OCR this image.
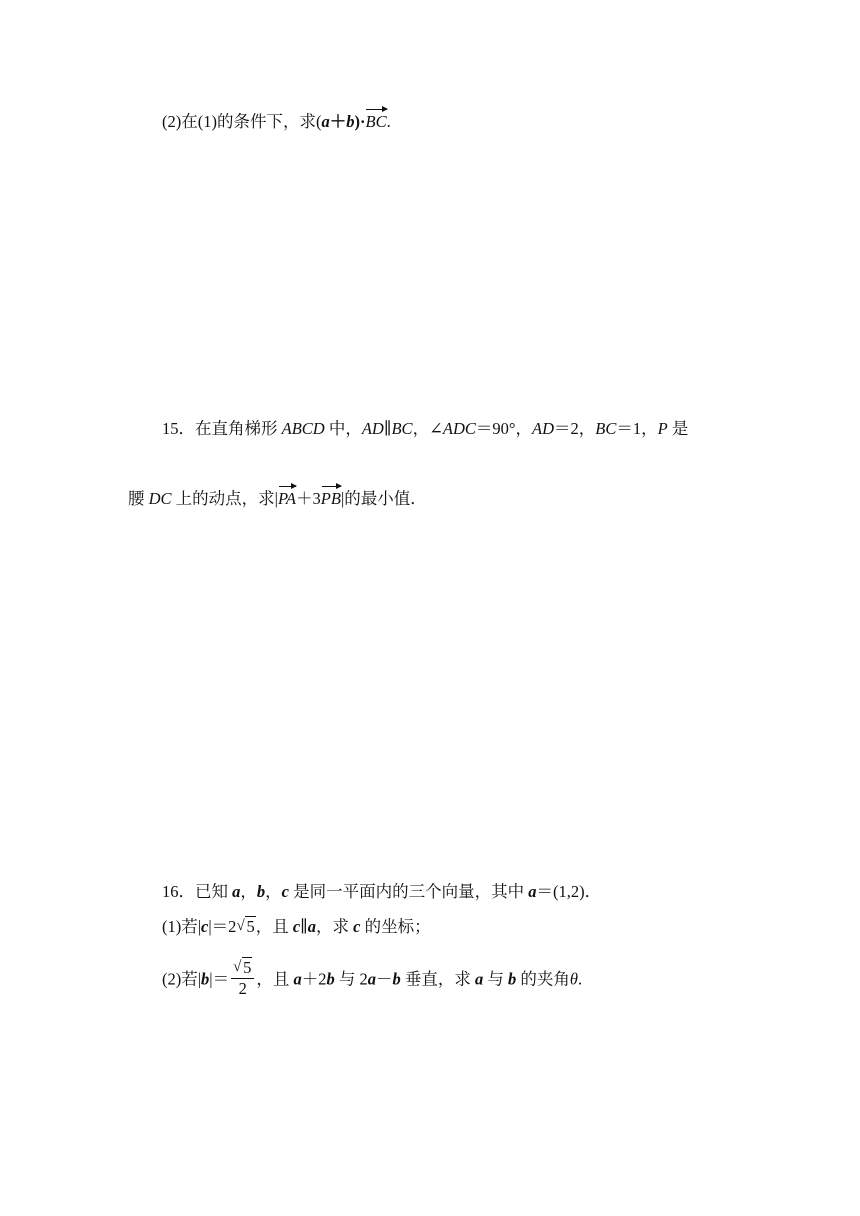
(2)在(1)的条件下，求(a＋b)·BC.
15．在直角梯形 ABCD 中，AD∥BC，∠ADC＝90°，AD＝2，BC＝1，P 是
腰 DC 上的动点，求|PA＋3PB|的最小值．
16．已知 a，b，c 是同一平面内的三个向量，其中 a＝(1,2)．
(1)若|c|＝2 √ 5，且 c∥a，求 c 的坐标；
(2)若$|b|= \frac{√ 5}{2}$ ，且 a＋2b 与 2a－b 垂直，求 a 与 b 的夹角θ.
